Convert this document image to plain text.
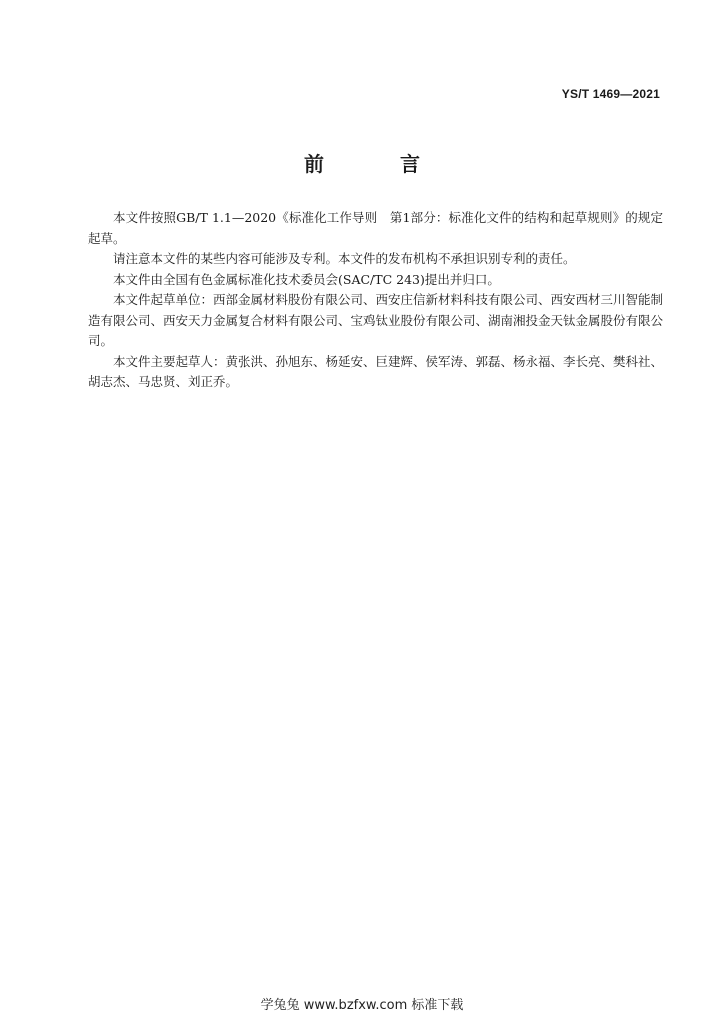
YS/T 1469—2021
前　言

本文件按照GB/T 1.1—2020《标准化工作导则　第1部分：标准化文件的结构和起草规则》的规定起草。

请注意本文件的某些内容可能涉及专利。本文件的发布机构不承担识别专利的责任。

本文件由全国有色金属标准化技术委员会(SAC/TC 243)提出并归口。

本文件起草单位：西部金属材料股份有限公司、西安庄信新材料科技有限公司、西安西材三川智能制造有限公司、西安天力金属复合材料有限公司、宝鸡钛业股份有限公司、湖南湘投金天钛金属股份有限公司。

本文件主要起草人：黄张洪、孙旭东、杨延安、巨建辉、侯军涛、郭磊、杨永福、李长亮、樊科社、胡志杰、马忠贤、刘正乔。

学兔兔 www.bzfxw.com 标准下载
